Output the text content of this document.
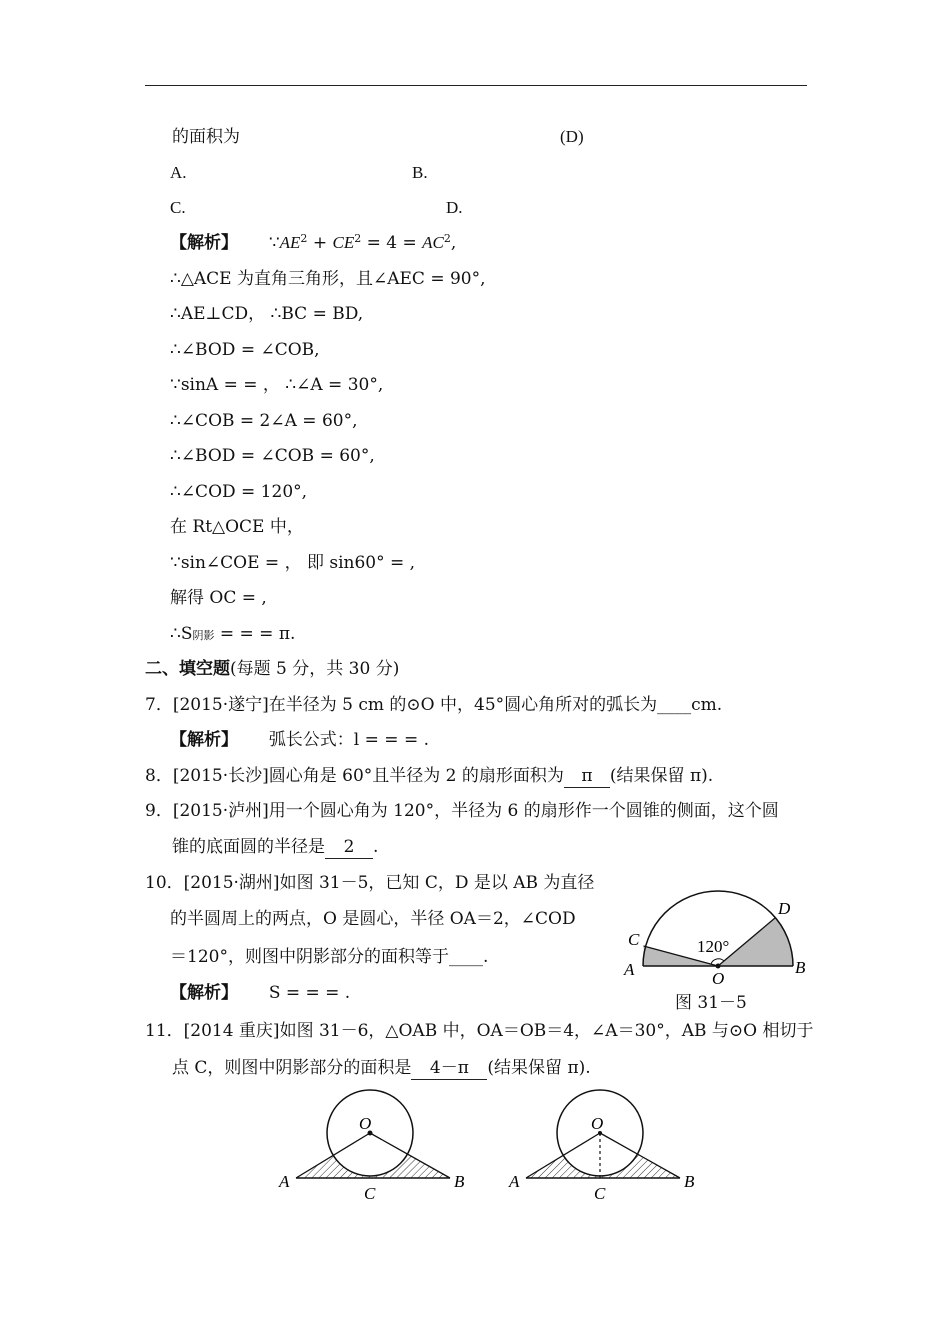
的面积为	(D)
A.	B.
C.	D.
【解析】 $\because AE^2 + CE^2 = 4 = AC^2$,
∴△ACE 为直角三角形，且∠AEC = 90°,
∴AE⊥CD， ∴BC = BD,
∴∠BOD = ∠COB,
∵sinA = = ， ∴∠A = 30°,
∴∠COB = 2∠A = 60°,
∴∠BOD = ∠COB = 60°,
∴∠COD = 120°,
在 Rt△OCE 中，
∵sin∠COE = ， 即 sin60° = ,
解得 OC = ,
∴S阴影 = = = π.
二、填空题(每题 5 分，共 30 分)
7．[2015·遂宁]在半径为 5 cm 的⊙O 中，45°圆心角所对的弧长为____cm.
【解析】 弧长公式：l = = = .
8．[2015·长沙]圆心角是 60°且半径为 2 的扇形面积为 π (结果保留 π).
9．[2015·泸州]用一个圆心角为 120°，半径为 6 的扇形作一个圆锥的侧面，这个圆
锥的底面圆的半径是 2 .
10．[2015·湖州]如图 31－5，已知 C，D 是以 AB 为直径
的半圆周上的两点，O 是圆心，半径 OA＝2，∠COD
＝120°，则图中阴影部分的面积等于____.
【解析】 S = = = .
120°
A	B
C
D
O
图 31－5
11．[2014 重庆]如图 31－6，△OAB 中，OA＝OB＝4，∠A＝30°，AB 与⊙O 相切于
点 C，则图中阴影部分的面积是 4－π (结果保留 π).
O
A	B
C
O
A	B
C
